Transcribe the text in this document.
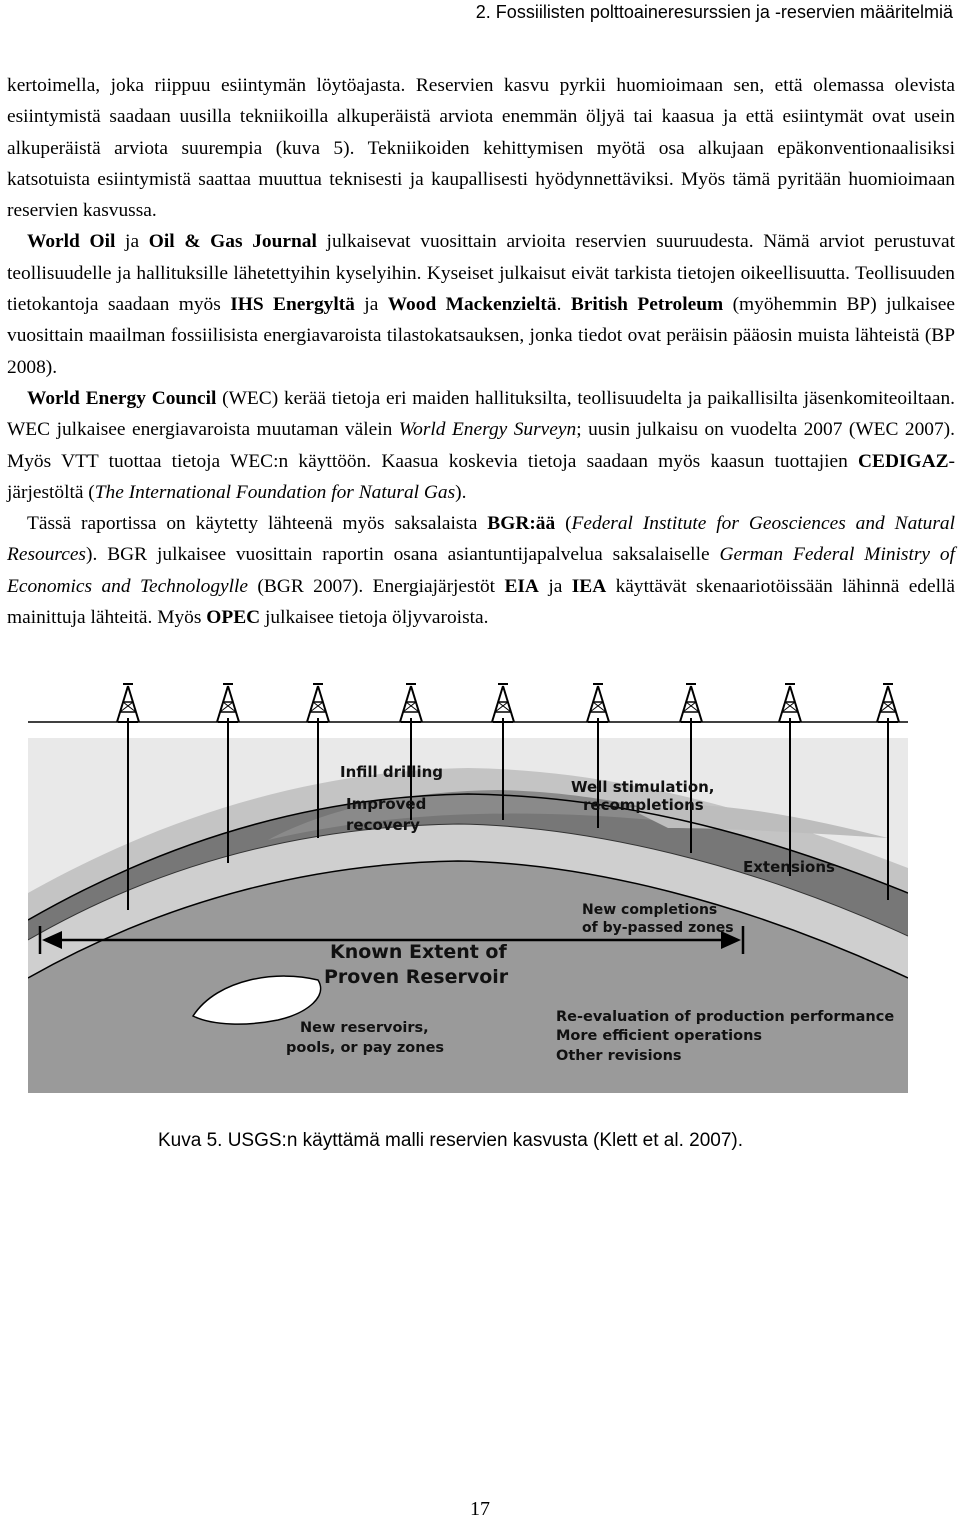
2. Fossiilisten polttoaineresurssien ja -reservien määritelmiä

kertoimella, joka riippuu esiintymän löytöajasta. Reservien kasvu pyrkii huomioimaan sen, että olemassa olevista esiintymistä saadaan uusilla tekniikoilla alkuperäistä arviota enemmän öljyä tai kaasua ja että esiintymät ovat usein alkuperäistä arviota suurempia (kuva 5). Tekniikoiden kehittymisen myötä osa alkujaan epäkonventionaalisiksi katsotuista esiintymistä saattaa muuttua teknisesti ja kaupallisesti hyödynnettäviksi. Myös tämä pyritään huomioimaan reservien kasvussa.

World Oil ja Oil & Gas Journal julkaisevat vuosittain arvioita reservien suuruudesta. Nämä arviot perustuvat teollisuudelle ja hallituksille lähetettyihin kyselyihin. Kyseiset julkaisut eivät tarkista tietojen oikeellisuutta. Teollisuuden tietokantoja saadaan myös IHS Energyltä ja Wood Mackenzieltä. British Petroleum (myöhemmin BP) julkaisee vuosittain maailman fossiilisista energiavaroista tilastokatsauksen, jonka tiedot ovat peräisin pääosin muista lähteistä (BP 2008).

World Energy Council (WEC) kerää tietoja eri maiden hallituksilta, teollisuudelta ja paikallisilta jäsenkomiteoiltaan. WEC julkaisee energiavaroista muutaman välein World Energy Surveyn; uusin julkaisu on vuodelta 2007 (WEC 2007). Myös VTT tuottaa tietoja WEC:n käyttöön. Kaasua koskevia tietoja saadaan myös kaasun tuottajien CEDIGAZ-järjestöltä (The International Foundation for Natural Gas).

Tässä raportissa on käytetty lähteenä myös saksalaista BGR:ää (Federal Institute for Geosciences and Natural Resources). BGR julkaisee vuosittain raportin osana asiantuntijapalvelua saksalaiselle German Federal Ministry of Economics and Technologylle (BGR 2007). Energiajärjestöt EIA ja IEA käyttävät skenaariotöissään lähinnä edellä mainittuja lähteitä. Myös OPEC julkaisee tietoja öljyvaroista.

Infill drilling
Improved
recovery
Well stimulation,
recompletions
Extensions
New completions
of by-passed zones
Known Extent of
Proven Reservoir
New reservoirs,
pools, or pay zones
Re-evaluation of production performance
More efficient operations
Other revisions
Kuva 5. USGS:n käyttämä malli reservien kasvusta (Klett et al. 2007).
17
